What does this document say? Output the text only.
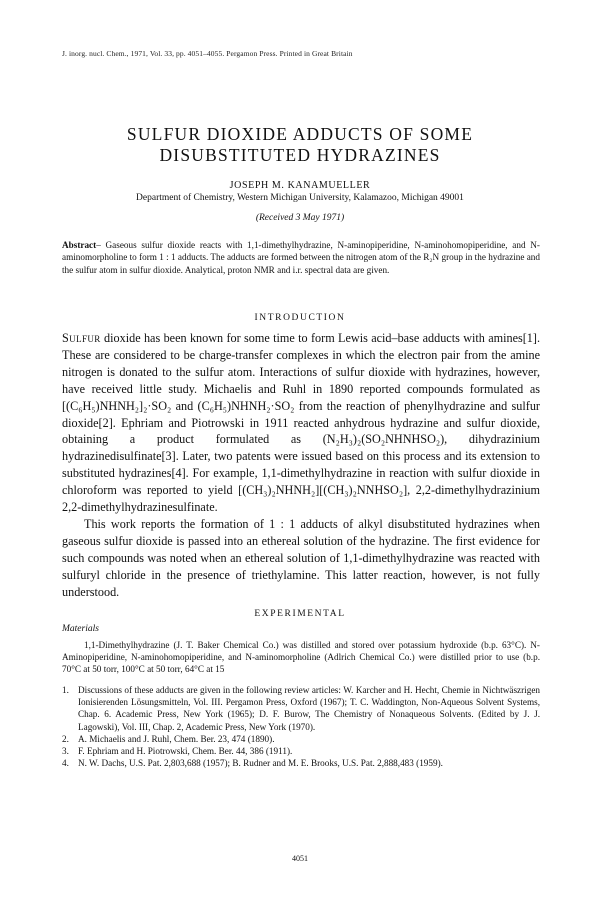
J. inorg. nucl. Chem., 1971, Vol. 33, pp. 4051–4055. Pergamon Press. Printed in Great Britain
SULFUR DIOXIDE ADDUCTS OF SOME
DISUBSTITUTED HYDRAZINES
JOSEPH M. KANAMUELLER
Department of Chemistry, Western Michigan University, Kalamazoo, Michigan 49001
(Received 3 May 1971)
Abstract– Gaseous sulfur dioxide reacts with 1,1-dimethylhydrazine, N-aminopiperidine, N-aminohomopiperidine, and N-aminomorpholine to form 1 : 1 adducts. The adducts are formed between the nitrogen atom of the R₂N group in the hydrazine and the sulfur atom in sulfur dioxide. Analytical, proton NMR and i.r. spectral data are given.
INTRODUCTION

Sulfur dioxide has been known for some time to form Lewis acid–base adducts with amines[1]. These are considered to be charge-transfer complexes in which the electron pair from the amine nitrogen is donated to the sulfur atom. Interactions of sulfur dioxide with hydrazines, however, have received little study. Michaelis and Ruhl in 1890 reported compounds formulated as [(C₆H₅)NHNH₂]₂·SO₂ and (C₆H₅)NHNH₂·SO₂ from the reaction of phenylhydrazine and sulfur dioxide[2]. Ephriam and Piotrowski in 1911 reacted anhydrous hydrazine and sulfur dioxide, obtaining a product formulated as (N₂H₃)₂(SO₂NHNHSO₂), dihydrazinium hydrazinedisulfinate[3]. Later, two patents were issued based on this process and its extension to substituted hydrazines[4]. For example, 1,1-dimethylhydrazine in reaction with sulfur dioxide in chloroform was reported to yield [(CH₃)₂NHNH₂][(CH₃)₂NNHSO₂], 2,2-dimethylhydrazinium 2,2-dimethylhydrazinesulfinate.

This work reports the formation of 1 : 1 adducts of alkyl disubstituted hydrazines when gaseous sulfur dioxide is passed into an ethereal solution of the hydrazine. The first evidence for such compounds was noted when an ethereal solution of 1,1-dimethylhydrazine was reacted with sulfuryl chloride in the presence of triethylamine. This latter reaction, however, is not fully understood.

EXPERIMENTAL
Materials
1,1-Dimethylhydrazine (J. T. Baker Chemical Co.) was distilled and stored over potassium hydroxide (b.p. 63°C). N-Aminopiperidine, N-aminohomopiperidine, and N-aminomorpholine (Adlrich Chemical Co.) were distilled prior to use (b.p. 70°C at 50 torr, 100°C at 50 torr, 64°C at 15
1. Discussions of these adducts are given in the following review articles: W. Karcher and H. Hecht, Chemie in Nichtwäszrigen Ionisierenden Lösungsmitteln, Vol. III. Pergamon Press, Oxford (1967); T. C. Waddington, Non-Aqueous Solvent Systems, Chap. 6. Academic Press, New York (1965); D. F. Burow, The Chemistry of Nonaqueous Solvents. (Edited by J. J. Lagowski), Vol. III, Chap. 2, Academic Press, New York (1970).
2. A. Michaelis and J. Ruhl, Chem. Ber. 23, 474 (1890).
3. F. Ephriam and H. Piotrowski, Chem. Ber. 44, 386 (1911).
4. N. W. Dachs, U.S. Pat. 2,803,688 (1957); B. Rudner and M. E. Brooks, U.S. Pat. 2,888,483 (1959).
4051
